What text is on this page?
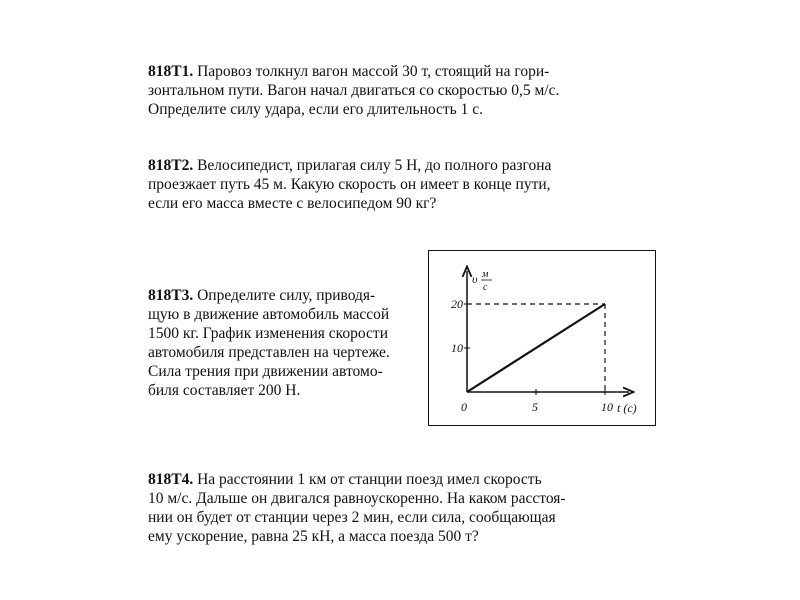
818Т1. Паровоз толкнул вагон массой 30 т, стоящий на гори-
зонтальном пути. Вагон начал двигаться со скоростью 0,5 м/с.
Определите силу удара, если его длительность 1 с.
818Т2. Велосипедист, прилагая силу 5 Н, до полного разгона
проезжает путь 45 м. Какую скорость он имеет в конце пути,
если его масса вместе с велосипедом 90 кг?
818Т3. Определите силу, приводя-
щую в движение автомобиль массой
1500 кг. График изменения скорости
автомобиля представлен на чертеже.
Сила трения при движении автомо-
биля составляет 200 Н.
0	5	10
10
20
υ м
с
t (c)
818Т4. На расстоянии 1 км от станции поезд имел скорость
10 м/с. Дальше он двигался равноускоренно. На каком расстоя-
нии он будет от станции через 2 мин, если сила, сообщающая
ему ускорение, равна 25 кН, а масса поезда 500 т?
